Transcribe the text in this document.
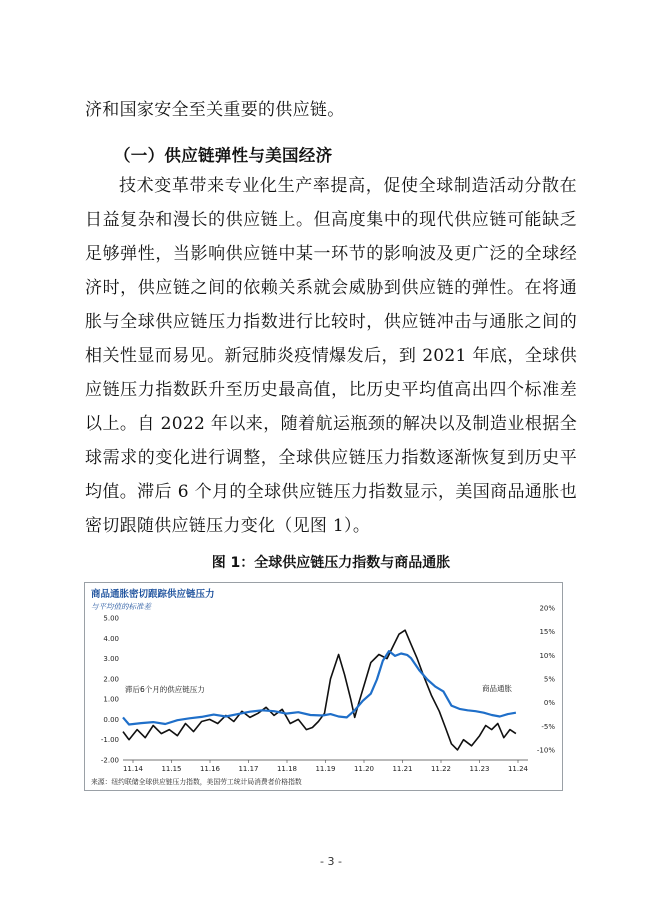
济和国家安全至关重要的供应链。
（一）供应链弹性与美国经济
技术变革带来专业化生产率提高，促使全球制造活动分散在
日益复杂和漫长的供应链上。但高度集中的现代供应链可能缺乏
足够弹性，当影响供应链中某一环节的影响波及更广泛的全球经
济时，供应链之间的依赖关系就会威胁到供应链的弹性。在将通
胀与全球供应链压力指数进行比较时，供应链冲击与通胀之间的
相关性显而易见。新冠肺炎疫情爆发后，到 2021 年底，全球供
应链压力指数跃升至历史最高值，比历史平均值高出四个标准差
以上。自 2022 年以来，随着航运瓶颈的解决以及制造业根据全
球需求的变化进行调整，全球供应链压力指数逐渐恢复到历史平
均值。滞后 6 个月的全球供应链压力指数显示，美国商品通胀也
密切跟随供应链压力变化（见图 1）。
图 1：全球供应链压力指数与商品通胀
商品通胀密切跟踪供应链压力
与平均值的标准差
滞后6个月的供应链压力	商品通胀
来源：纽约联储全球供应链压力指数，美国劳工统计局消费者价格指数
5.00
4.00
3.00
2.00
1.00
0.00
-1.00
-2.00
20%
15%
10%
5%
0%
-5%
-10%
11.14	11.15	11.16	11.17	11.18	11.19	11.20	11.21	11.22	11.23	11.24
- 3 -
